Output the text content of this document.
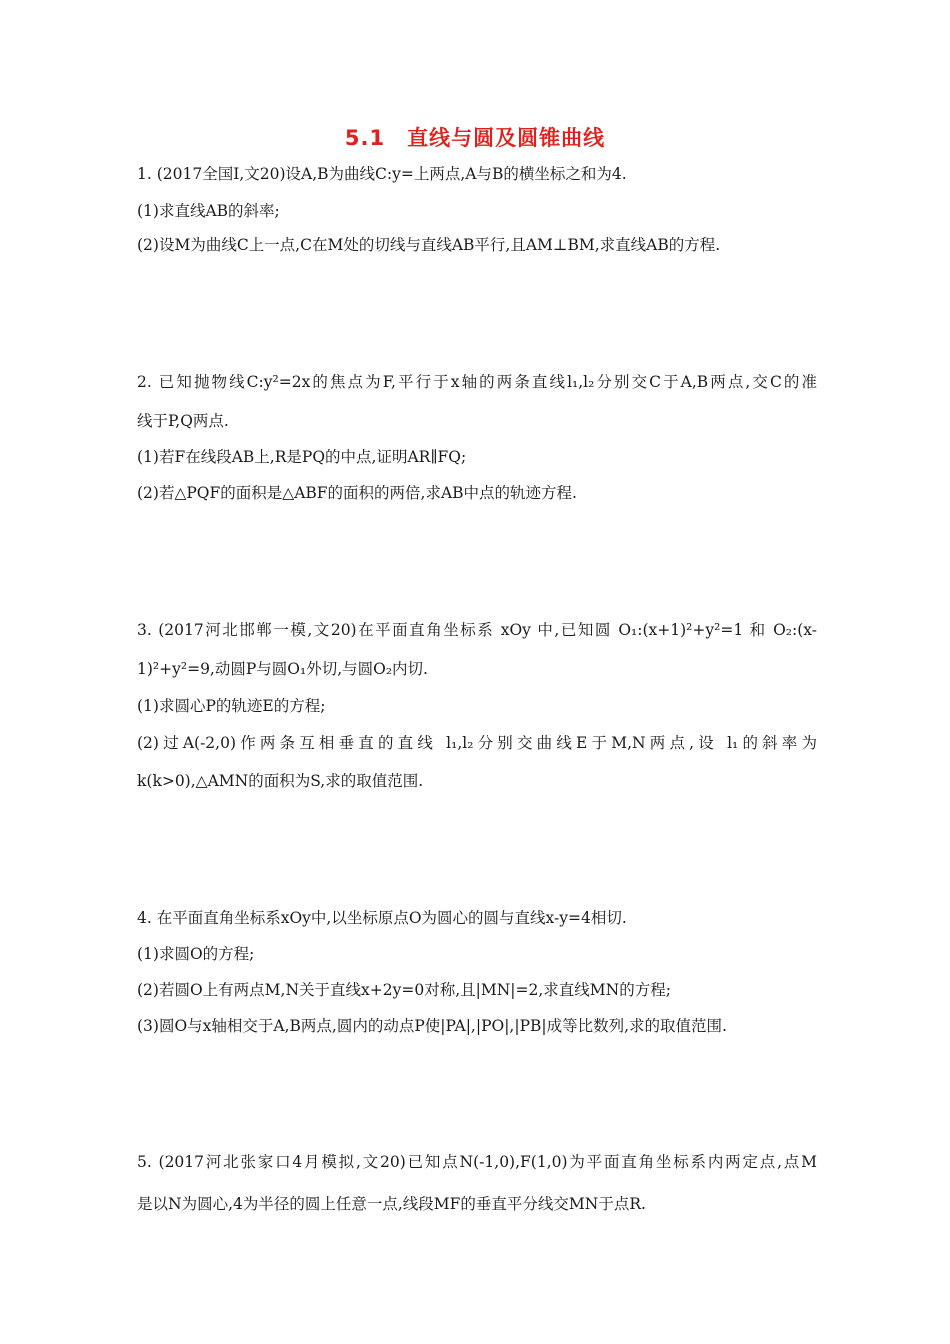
5.1　直线与圆及圆锥曲线
1. (2017全国Ⅰ,文20)设A,B为曲线C:y=上两点,A与B的横坐标之和为4.
(1)求直线AB的斜率;
(2)设M为曲线C上一点,C在M处的切线与直线AB平行,且AM⊥BM,求直线AB的方程.
2. 已知抛物线C:y²=2x的焦点为F,平行于x轴的两条直线l₁,l₂分别交C于A,B两点,交C的准
线于P,Q两点.
(1)若F在线段AB上,R是PQ的中点,证明AR∥FQ;
(2)若△PQF的面积是△ABF的面积的两倍,求AB中点的轨迹方程.
3. (2017河北邯郸一模,文20)在平面直角坐标系 xOy 中,已知圆 O₁:(x+1)²+y²=1 和 O₂:(x-
1)²+y²=9,动圆P与圆O₁外切,与圆O₂内切.
(1)求圆心P的轨迹E的方程;
(2)过A(-2,0)作两条互相垂直的直线 l₁,l₂分别交曲线E于M,N两点,设 l₁的斜率为
k(k>0),△AMN的面积为S,求的取值范围.
4. 在平面直角坐标系xOy中,以坐标原点O为圆心的圆与直线x-y=4相切.
(1)求圆O的方程;
(2)若圆O上有两点M,N关于直线x+2y=0对称,且|MN|=2,求直线MN的方程;
(3)圆O与x轴相交于A,B两点,圆内的动点P使|PA|,|PO|,|PB|成等比数列,求的取值范围.
5. (2017河北张家口4月模拟,文20)已知点N(-1,0),F(1,0)为平面直角坐标系内两定点,点M
是以N为圆心,4为半径的圆上任意一点,线段MF的垂直平分线交MN于点R.
